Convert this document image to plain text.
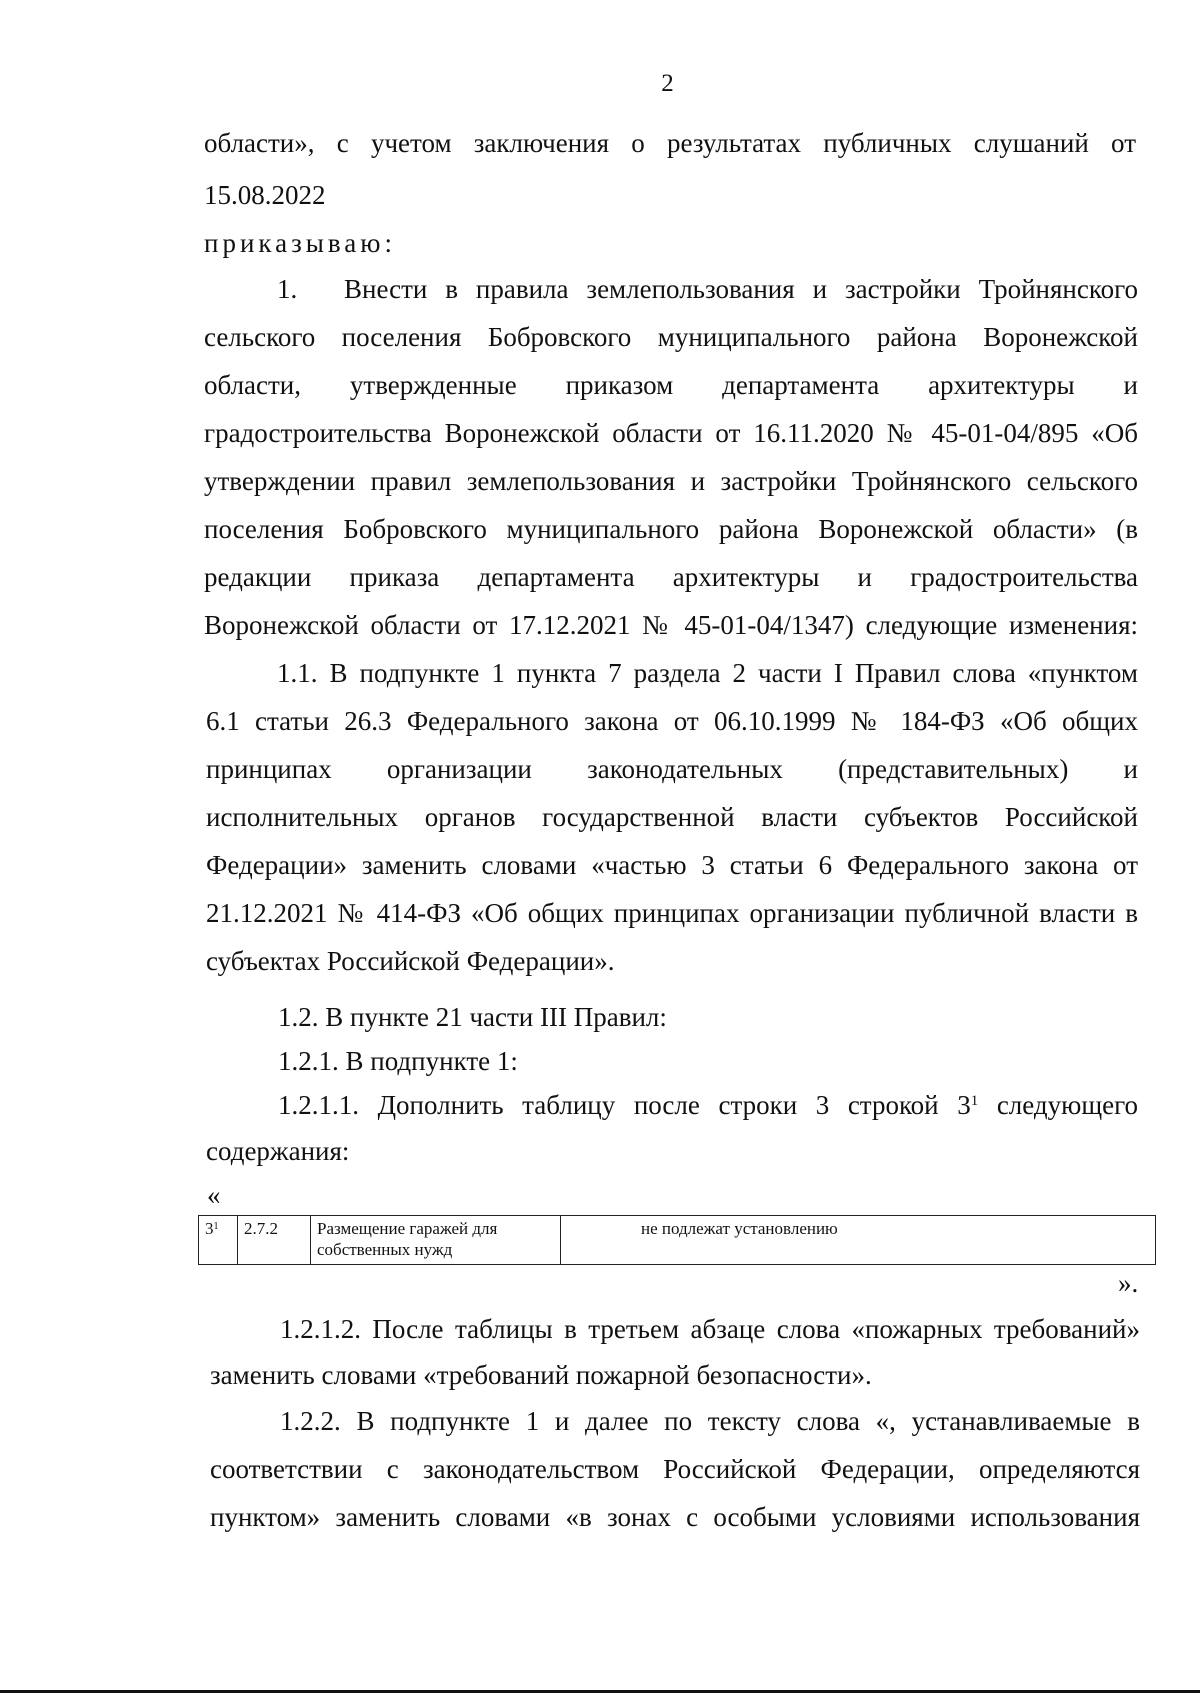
2
области», с учетом заключения о результатах публичных слушаний от
15.08.2022
приказываю:
1. Внести в правила землепользования и застройки Тройнянского
сельского поселения Бобровского муниципального района Воронежской
области, утвержденные приказом департамента архитектуры и
градостроительства Воронежской области от 16.11.2020 № 45-01-04/895 «Об
утверждении правил землепользования и застройки Тройнянского сельского
поселения Бобровского муниципального района Воронежской области» (в
редакции приказа департамента архитектуры и градостроительства
Воронежской области от 17.12.2021 № 45-01-04/1347) следующие изменения:
1.1. В подпункте 1 пункта 7 раздела 2 части I Правил слова «пунктом
6.1 статьи 26.3 Федерального закона от 06.10.1999 № 184-ФЗ «Об общих
принципах организации законодательных (представительных) и
исполнительных органов государственной власти субъектов Российской
Федерации» заменить словами «частью 3 статьи 6 Федерального закона от
21.12.2021 № 414-ФЗ «Об общих принципах организации публичной власти в
субъектах Российской Федерации».
1.2. В пункте 21 части III Правил:
1.2.1. В подпункте 1:
1.2.1.1. Дополнить таблицу после строки 3 строкой $3^1$ следующего
содержания:
«
$3^1$	2.7.2	Размещение гаражей для собственных нужд	не подлежат установлению
».
1.2.1.2. После таблицы в третьем абзаце слова «пожарных требований»
заменить словами «требований пожарной безопасности».
1.2.2. В подпункте 1 и далее по тексту слова «, устанавливаемые в
соответствии с законодательством Российской Федерации, определяются
пунктом» заменить словами «в зонах с особыми условиями использования
